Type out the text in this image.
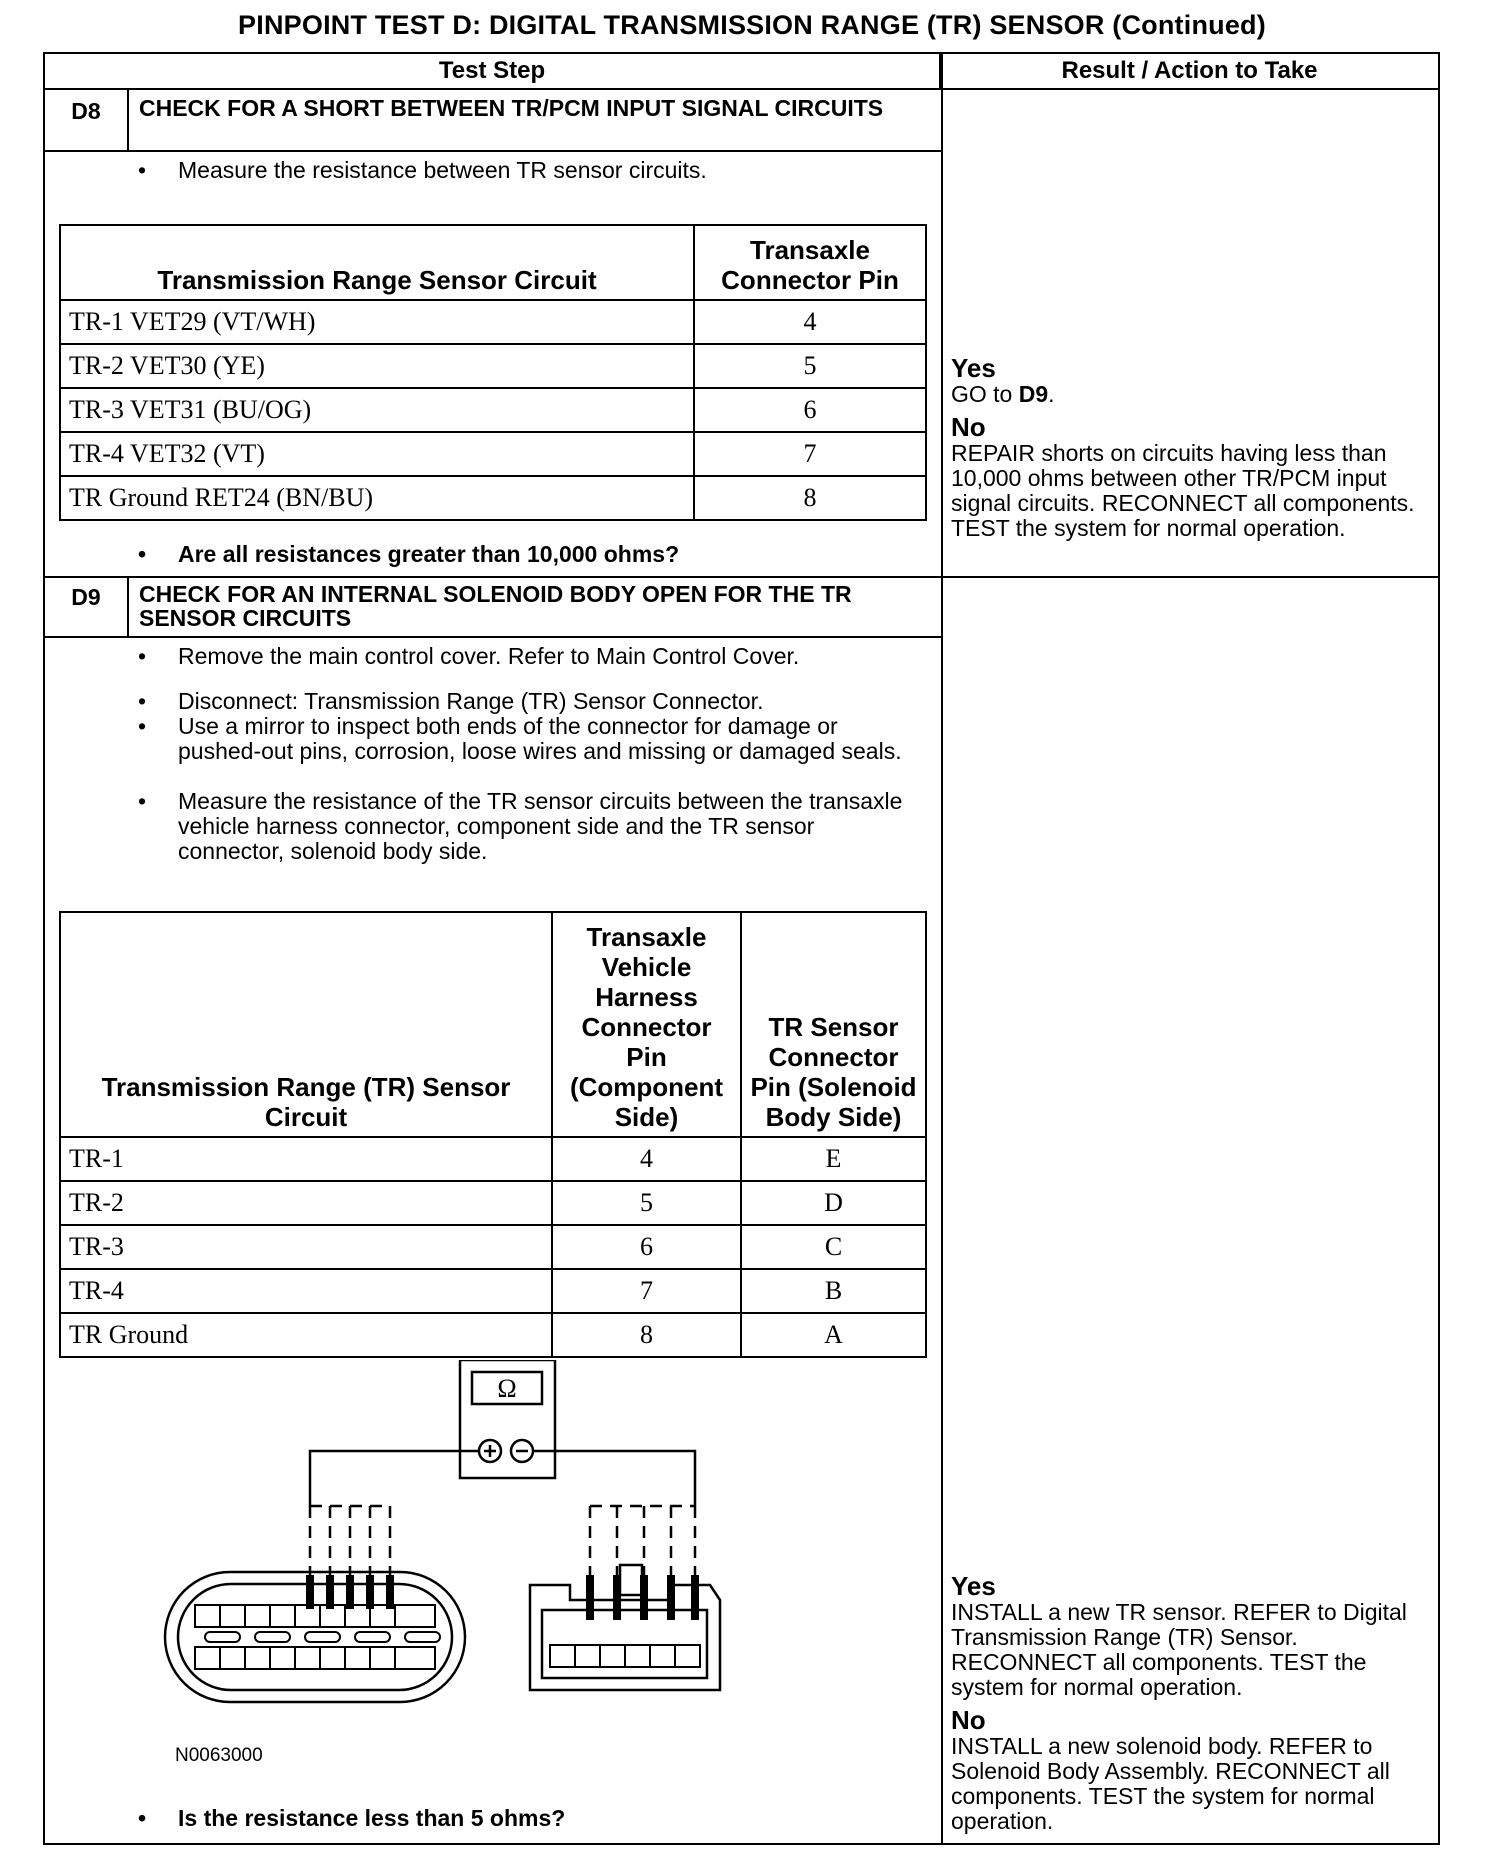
PINPOINT TEST D: DIGITAL TRANSMISSION RANGE (TR) SENSOR (Continued)
Test Step	Result / Action to Take
D8	CHECK FOR A SHORT BETWEEN TR/PCM INPUT SIGNAL CIRCUITS
• Measure the resistance between TR sensor circuits.
Transmission Range Sensor Circuit	Transaxle Connector Pin
TR-1 VET29 (VT/WH)	4
TR-2 VET30 (YE)	5
TR-3 VET31 (BU/OG)	6
TR-4 VET32 (VT)	7
TR Ground RET24 (BN/BU)	8
• Are all resistances greater than 10,000 ohms?
Yes

GO to D9.

No

REPAIR shorts on circuits having less than 10,000 ohms between other TR/PCM input signal circuits. RECONNECT all components. TEST the system for normal operation.

D9	CHECK FOR AN INTERNAL SOLENOID BODY OPEN FOR THE TR SENSOR CIRCUITS
• Remove the main control cover. Refer to Main Control Cover.
• Disconnect: Transmission Range (TR) Sensor Connector.
• Use a mirror to inspect both ends of the connector for damage or pushed-out pins, corrosion, loose wires and missing or damaged seals.
• Measure the resistance of the TR sensor circuits between the transaxle vehicle harness connector, component side and the TR sensor connector, solenoid body side.
Transmission Range (TR) Sensor Circuit	Transaxle Vehicle Harness Connector Pin (Component Side)	TR Sensor Connector Pin (Solenoid Body Side)
TR-1	4	E
TR-2	5	D
TR-3	6	C
TR-4	7	B
TR Ground	8	A
• Is the resistance less than 5 ohms?
Yes

INSTALL a new TR sensor. REFER to Digital Transmission Range (TR) Sensor. RECONNECT all components. TEST the system for normal operation.

No

INSTALL a new solenoid body. REFER to Solenoid Body Assembly. RECONNECT all components. TEST the system for normal operation.

Ω
N0063000
